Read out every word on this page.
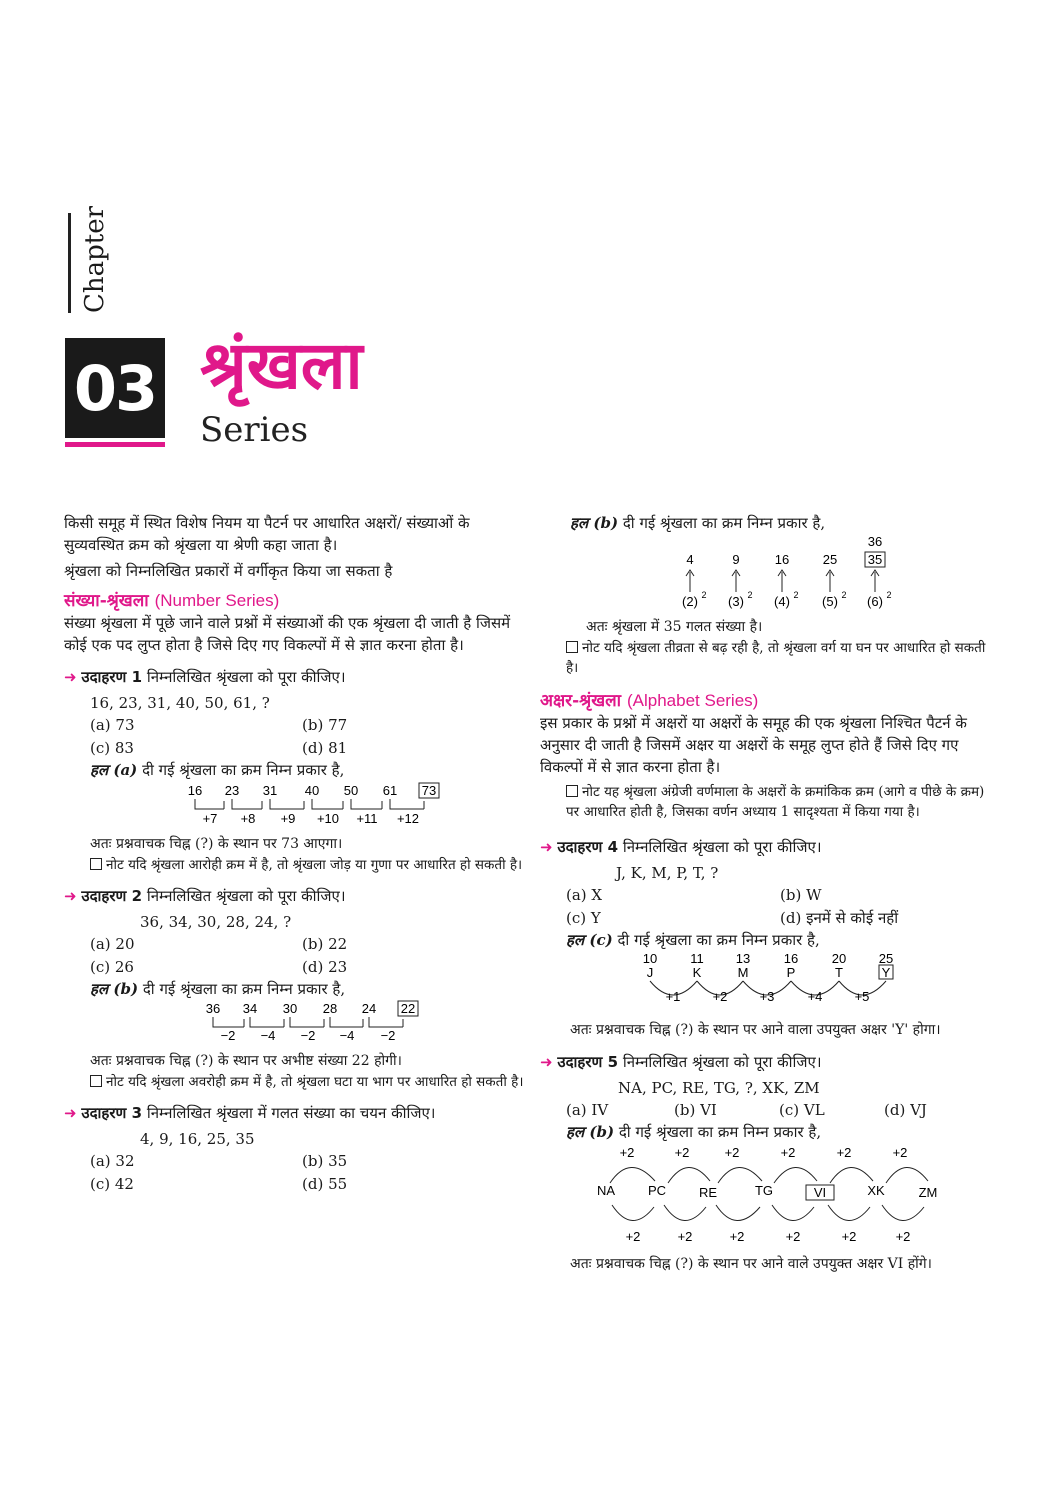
Chapter
03 श्रृंखला
Series

किसी समूह में स्थित विशेष नियम या पैटर्न पर आधारित अक्षरों/ संख्याओं के सुव्यवस्थित क्रम को श्रृंखला या श्रेणी कहा जाता है।

श्रृंखला को निम्नलिखित प्रकारों में वर्गीकृत किया जा सकता है

संख्या-श्रृंखला (Number Series)

संख्या श्रृंखला में पूछे जाने वाले प्रश्नों में संख्याओं की एक श्रृंखला दी जाती है जिसमें कोई एक पद लुप्त होता है जिसे दिए गए विकल्पों में से ज्ञात करना होता है।

➜ उदाहरण 1 निम्नलिखित श्रृंखला को पूरा कीजिए।
16, 23, 31, 40, 50, 61, ?
(a) 73	(b) 77
(c) 83	(d) 81
हल (a) दी गई श्रृंखला का क्रम निम्न प्रकार है,
16 23 31 40 50 61 73
+7 +8 +9 +10 +11 +12
अतः प्रश्नवाचक चिह्न (?) के स्थान पर 73 आएगा।
नोट यदि श्रृंखला आरोही क्रम में है, तो श्रृंखला जोड़ या गुणा पर आधारित हो सकती है।
➜ उदाहरण 2 निम्नलिखित श्रृंखला को पूरा कीजिए।
36, 34, 30, 28, 24, ?
(a) 20	(b) 22
(c) 26	(d) 23
हल (b) दी गई श्रृंखला का क्रम निम्न प्रकार है,
36 34 30 28 24 22
−2 −4 −2 −4 −2
अतः प्रश्नवाचक चिह्न (?) के स्थान पर अभीष्ट संख्या 22 होगी।
नोट यदि श्रृंखला अवरोही क्रम में है, तो श्रृंखला घटा या भाग पर आधारित हो सकती है।
➜ उदाहरण 3 निम्नलिखित श्रृंखला में गलत संख्या का चयन कीजिए।
4, 9, 16, 25, 35
(a) 32	(b) 35
(c) 42	(d) 55
हल (b) दी गई श्रृंखला का क्रम निम्न प्रकार है,
36
4	9	16	25 35
(2) (3) (4) (5) (6)
2	2	2	2	2
अतः श्रृंखला में 35 गलत संख्या है।
नोट यदि श्रृंखला तीव्रता से बढ़ रही है, तो श्रृंखला वर्ग या घन पर आधारित हो सकती है।
अक्षर-श्रृंखला (Alphabet Series)

इस प्रकार के प्रश्नों में अक्षरों या अक्षरों के समूह की एक श्रृंखला निश्चित पैटर्न के अनुसार दी जाती है जिसमें अक्षर या अक्षरों के समूह लुप्त होते हैं जिसे दिए गए विकल्पों में से ज्ञात करना होता है।

नोट यह श्रृंखला अंग्रेजी वर्णमाला के अक्षरों के क्रमांकिक क्रम (आगे व पीछे के क्रम) पर आधारित होती है, जिसका वर्णन अध्याय 1 सादृश्यता में किया गया है।
➜ उदाहरण 4 निम्नलिखित श्रृंखला को पूरा कीजिए।
J, K, M, P, T, ?
(a) X	(b) W
(c) Y	(d) इनमें से कोई नहीं
हल (c) दी गई श्रृंखला का क्रम निम्न प्रकार है,
10	11 13	16	20	25
J	K	M	P	T	Y
+1 +2 +3	+4 +5
अतः प्रश्नवाचक चिह्न (?) के स्थान पर आने वाला उपयुक्त अक्षर 'Y' होगा।
➜ उदाहरण 5 निम्नलिखित श्रृंखला को पूरा कीजिए।
NA, PC, RE, TG, ?, XK, ZM
(a) IV	(b) VI	(c) VL	(d) VJ
हल (b) दी गई श्रृंखला का क्रम निम्न प्रकार है,
+2	+2	+2	+2	+2	+2
NA	PC	RE	TG	VI	XK	ZM
+2	+2	+2	+2	+2	+2
अतः प्रश्नवाचक चिह्न (?) के स्थान पर आने वाले उपयुक्त अक्षर VI होंगे।
